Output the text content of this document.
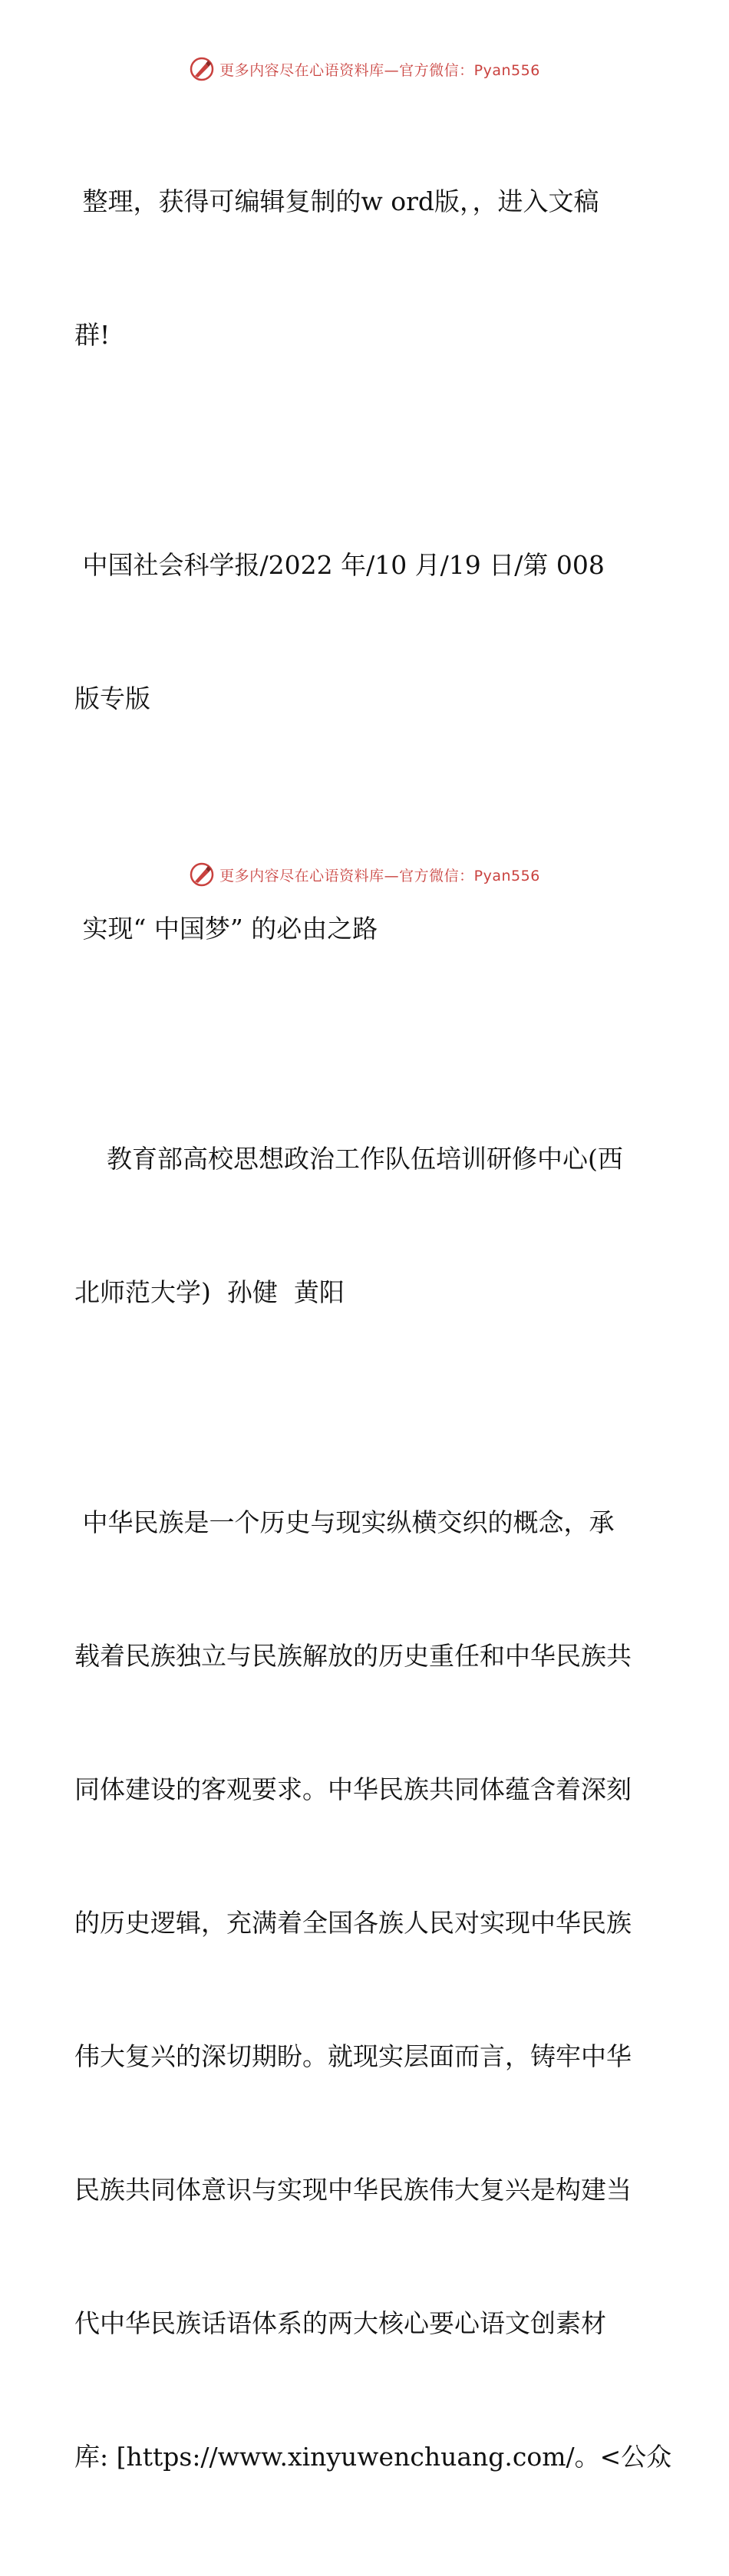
更多内容尽在心语资料库—官方微信：Pyan556

整理，获得可编辑复制的w ord版，，进入文稿

群!

中国社会科学报/2022 年/10 月/19 日/第 008

版专版

实现“ 中国梦” 的必由之路

教育部高校思想政治工作队伍培训研修中心(西

北师范大学)  孙健  黄阳

中华民族是一个历史与现实纵横交织的概念，承

载着民族独立与民族解放的历史重任和中华民族共

同体建设的客观要求。中华民族共同体蕴含着深刻

的历史逻辑，充满着全国各族人民对实现中华民族

伟大复兴的深切期盼。就现实层面而言，铸牢中华

民族共同体意识与实现中华民族伟大复兴是构建当

代中华民族话语体系的两大核心要心语文创素材

库: [https://www.xinyuwenchuang.com/。<公众

更多内容尽在心语资料库—官方微信：Pyan556
